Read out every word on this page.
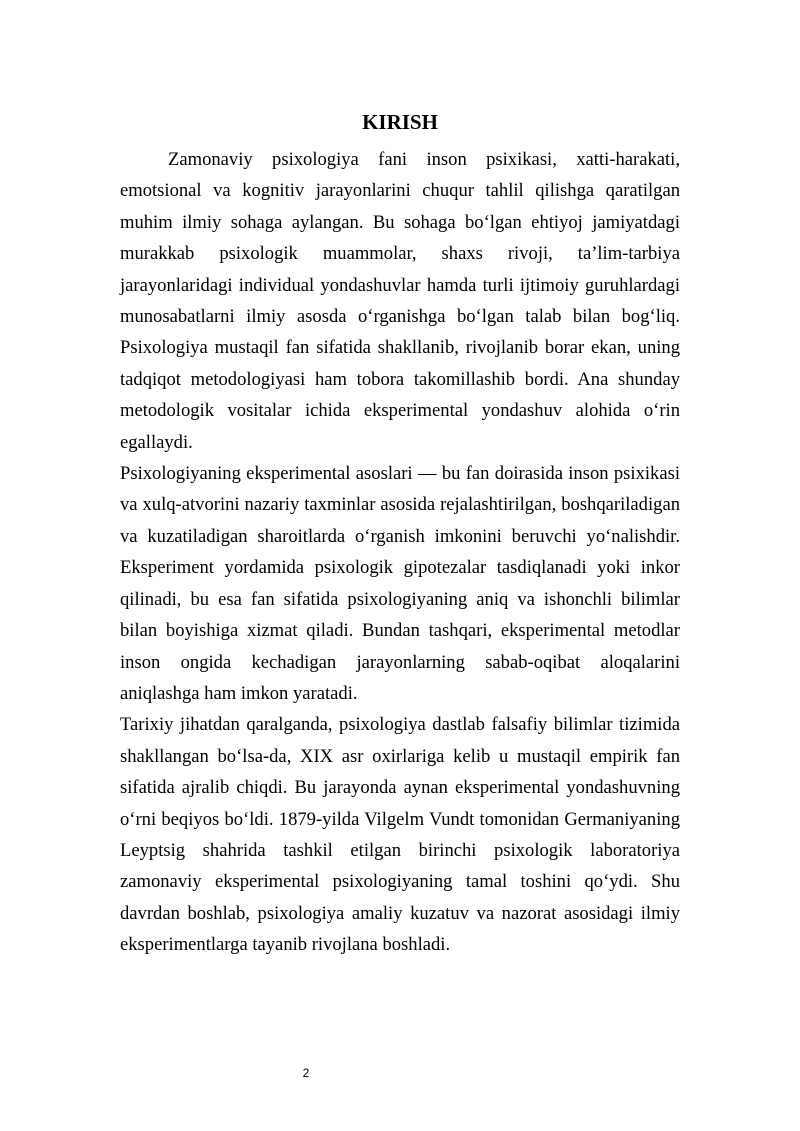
KIRISH

Zamonaviy psixologiya fani inson psixikasi, xatti-harakati, emotsional va kognitiv jarayonlarini chuqur tahlil qilishga qaratilgan muhim ilmiy sohaga aylangan. Bu sohaga boʻlgan ehtiyoj jamiyatdagi murakkab psixologik muammolar, shaxs rivoji, taʼlim-tarbiya jarayonlaridagi individual yondashuvlar hamda turli ijtimoiy guruhlardagi munosabatlarni ilmiy asosda oʻrganishga boʻlgan talab bilan bogʻliq. Psixologiya mustaqil fan sifatida shakllanib, rivojlanib borar ekan, uning tadqiqot metodologiyasi ham tobora takomillashib bordi. Ana shunday metodologik vositalar ichida eksperimental yondashuv alohida oʻrin egallaydi.

Psixologiyaning eksperimental asoslari — bu fan doirasida inson psixikasi va xulq-atvorini nazariy taxminlar asosida rejalashtirilgan, boshqariladigan va kuzatiladigan sharoitlarda oʻrganish imkonini beruvchi yoʻnalishdir. Eksperiment yordamida psixologik gipotezalar tasdiqlanadi yoki inkor qilinadi, bu esa fan sifatida psixologiyaning aniq va ishonchli bilimlar bilan boyishiga xizmat qiladi. Bundan tashqari, eksperimental metodlar inson ongida kechadigan jarayonlarning sabab-oqibat aloqalarini aniqlashga ham imkon yaratadi.

Tarixiy jihatdan qaralganda, psixologiya dastlab falsafiy bilimlar tizimida shakllangan boʻlsa-da, XIX asr oxirlariga kelib u mustaqil empirik fan sifatida ajralib chiqdi. Bu jarayonda aynan eksperimental yondashuvning oʻrni beqiyos boʻldi. 1879-yilda Vilgelm Vundt tomonidan Germaniyaning Leyptsig shahrida tashkil etilgan birinchi psixologik laboratoriya zamonaviy eksperimental psixologiyaning tamal toshini qoʻydi. Shu davrdan boshlab, psixologiya amaliy kuzatuv va nazorat asosidagi ilmiy eksperimentlarga tayanib rivojlana boshladi.

2
